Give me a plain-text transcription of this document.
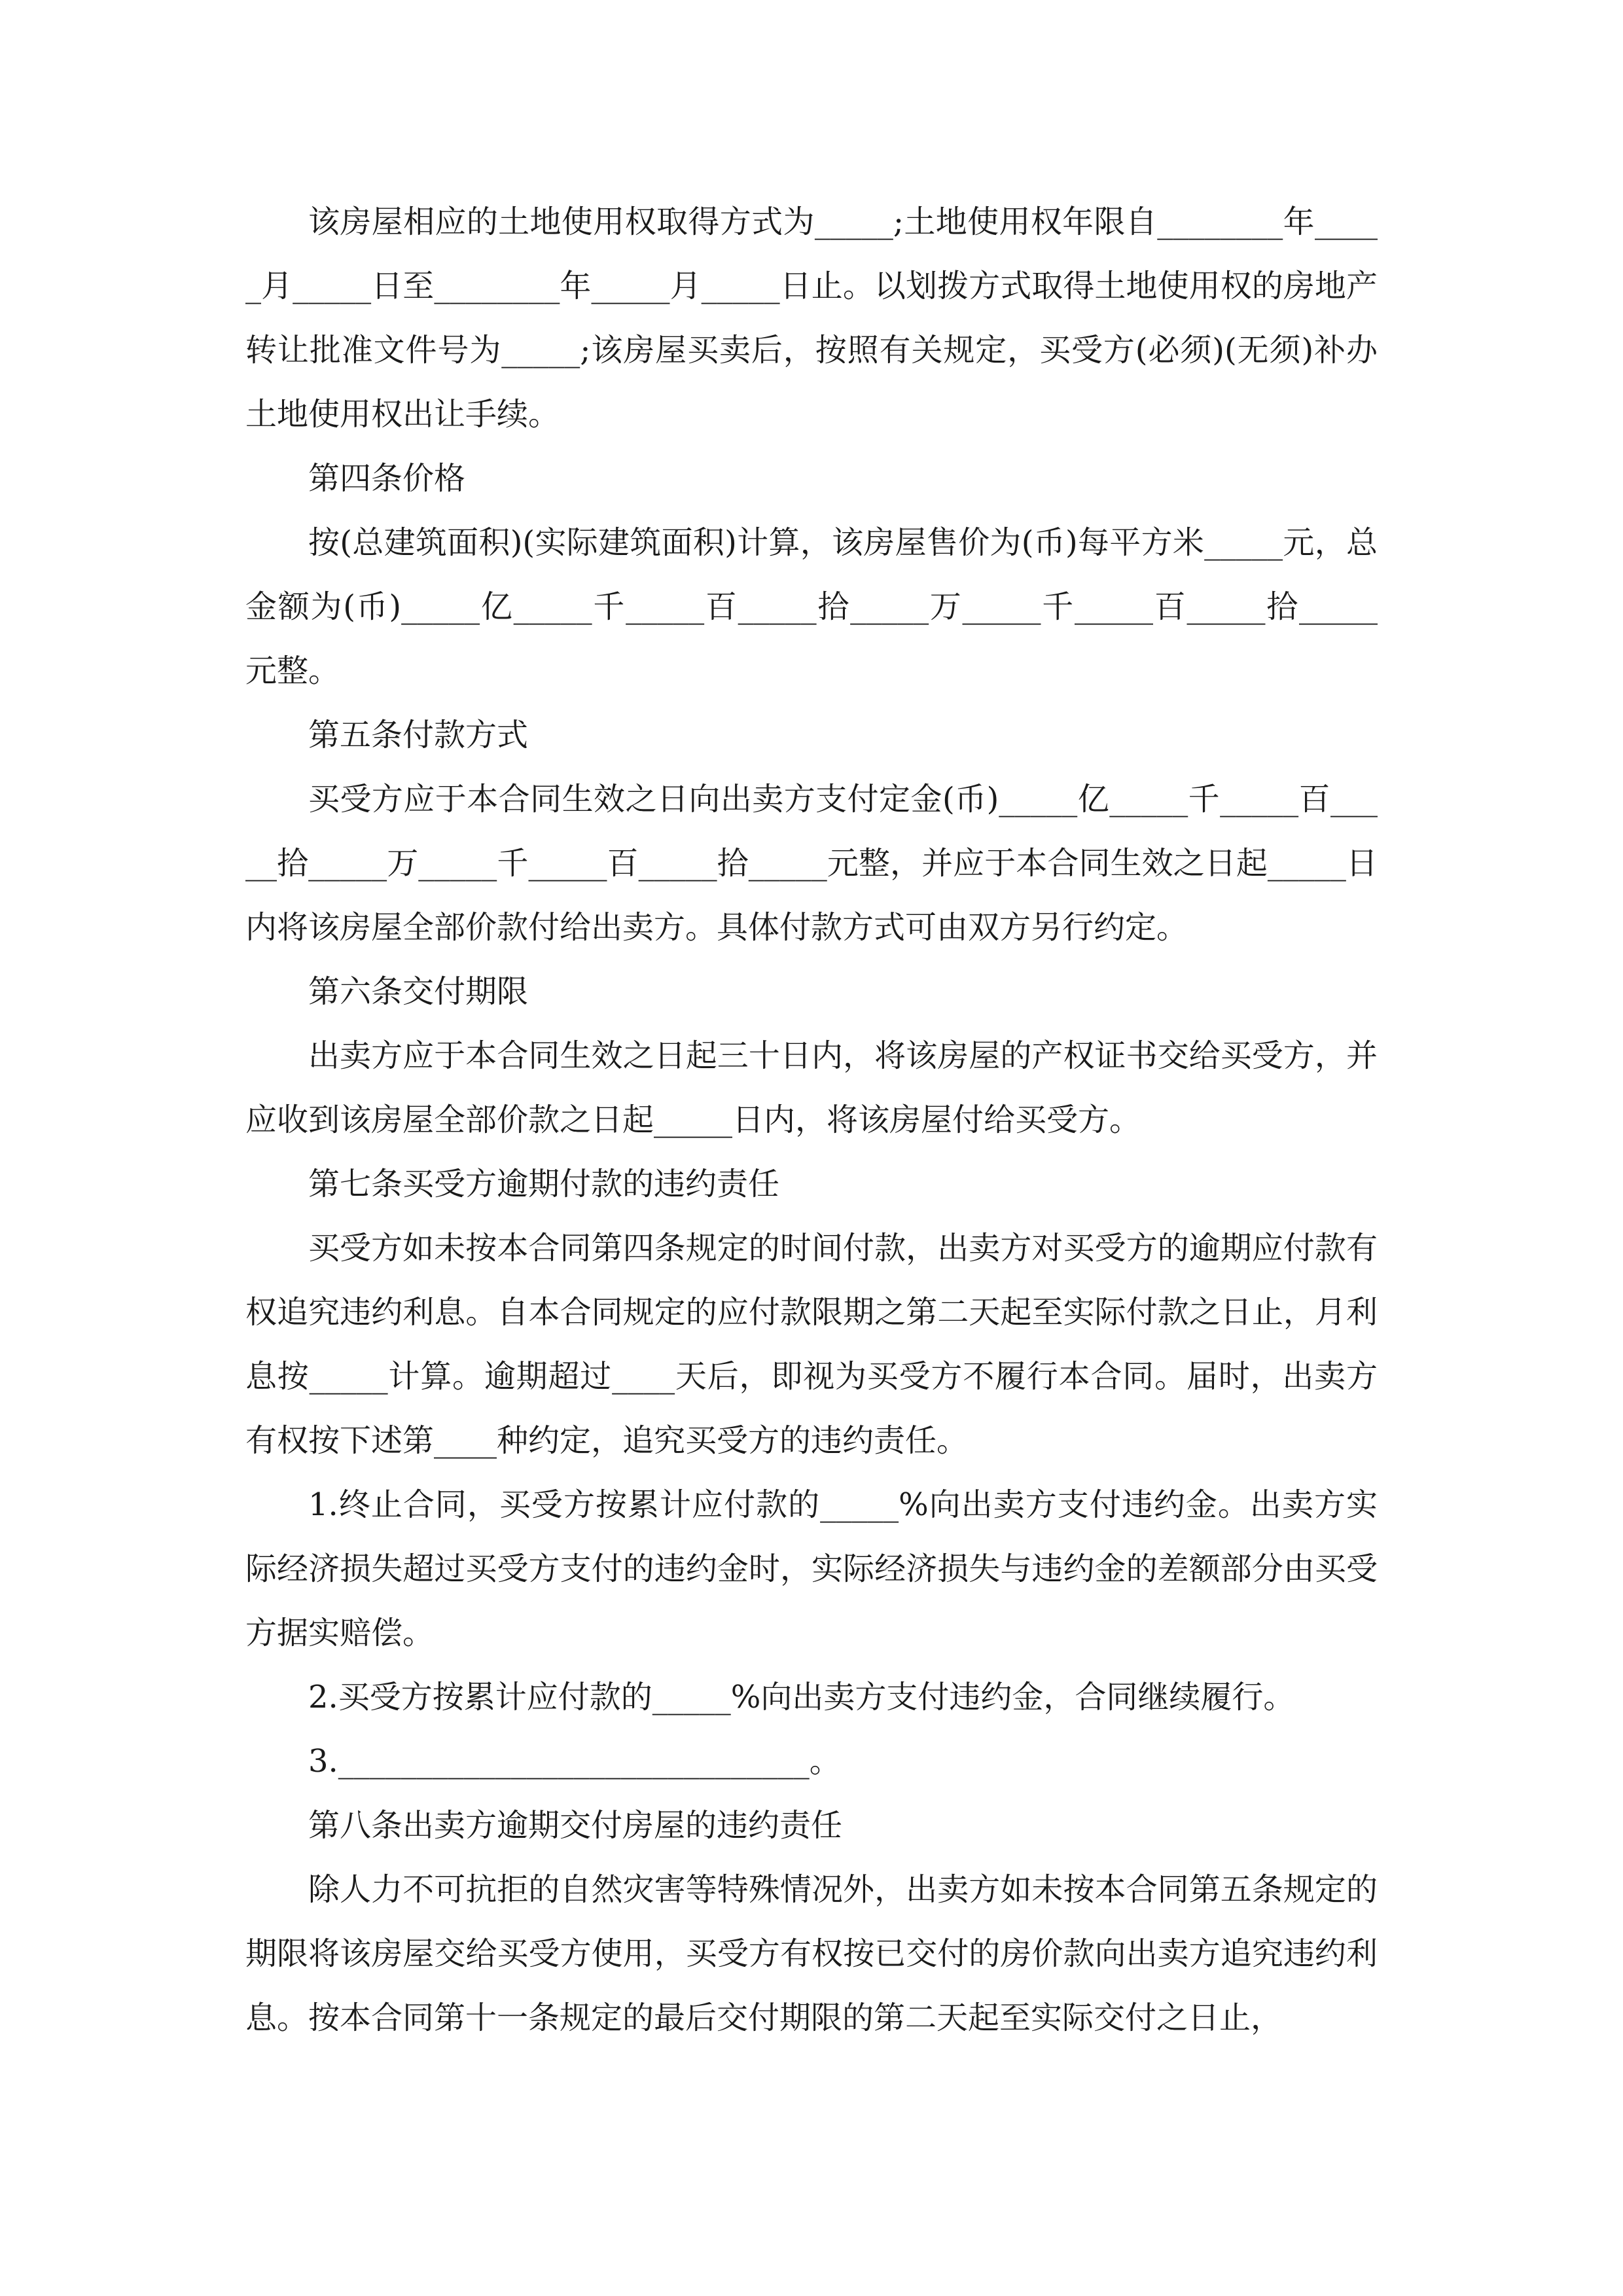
该房屋相应的土地使用权取得方式为_____;土地使用权年限自________年_____月_____日至________年_____月_____日止。以划拨方式取得土地使用权的房地产转让批准文件号为_____;该房屋买卖后，按照有关规定，买受方(必须)(无须)补办土地使用权出让手续。

第四条价格

按(总建筑面积)(实际建筑面积)计算，该房屋售价为(币)每平方米_____元，总金额为(币)_____亿_____千_____百_____拾_____万_____千_____百_____拾_____元整。

第五条付款方式

买受方应于本合同生效之日向出卖方支付定金(币)_____亿_____千_____百_____拾_____万_____千_____百_____拾_____元整，并应于本合同生效之日起_____日内将该房屋全部价款付给出卖方。具体付款方式可由双方另行约定。

第六条交付期限

出卖方应于本合同生效之日起三十日内，将该房屋的产权证书交给买受方，并应收到该房屋全部价款之日起_____日内，将该房屋付给买受方。

第七条买受方逾期付款的违约责任

买受方如未按本合同第四条规定的时间付款，出卖方对买受方的逾期应付款有权追究违约利息。自本合同规定的应付款限期之第二天起至实际付款之日止，月利息按_____计算。逾期超过____天后，即视为买受方不履行本合同。届时，出卖方有权按下述第____种约定，追究买受方的违约责任。

1.终止合同，买受方按累计应付款的_____%向出卖方支付违约金。出卖方实际经济损失超过买受方支付的违约金时，实际经济损失与违约金的差额部分由买受方据实赔偿。

2.买受方按累计应付款的_____%向出卖方支付违约金，合同继续履行。

3.______________________________。

第八条出卖方逾期交付房屋的违约责任

除人力不可抗拒的自然灾害等特殊情况外，出卖方如未按本合同第五条规定的期限将该房屋交给买受方使用，买受方有权按已交付的房价款向出卖方追究违约利息。按本合同第十一条规定的最后交付期限的第二天起至实际交付之日止，
